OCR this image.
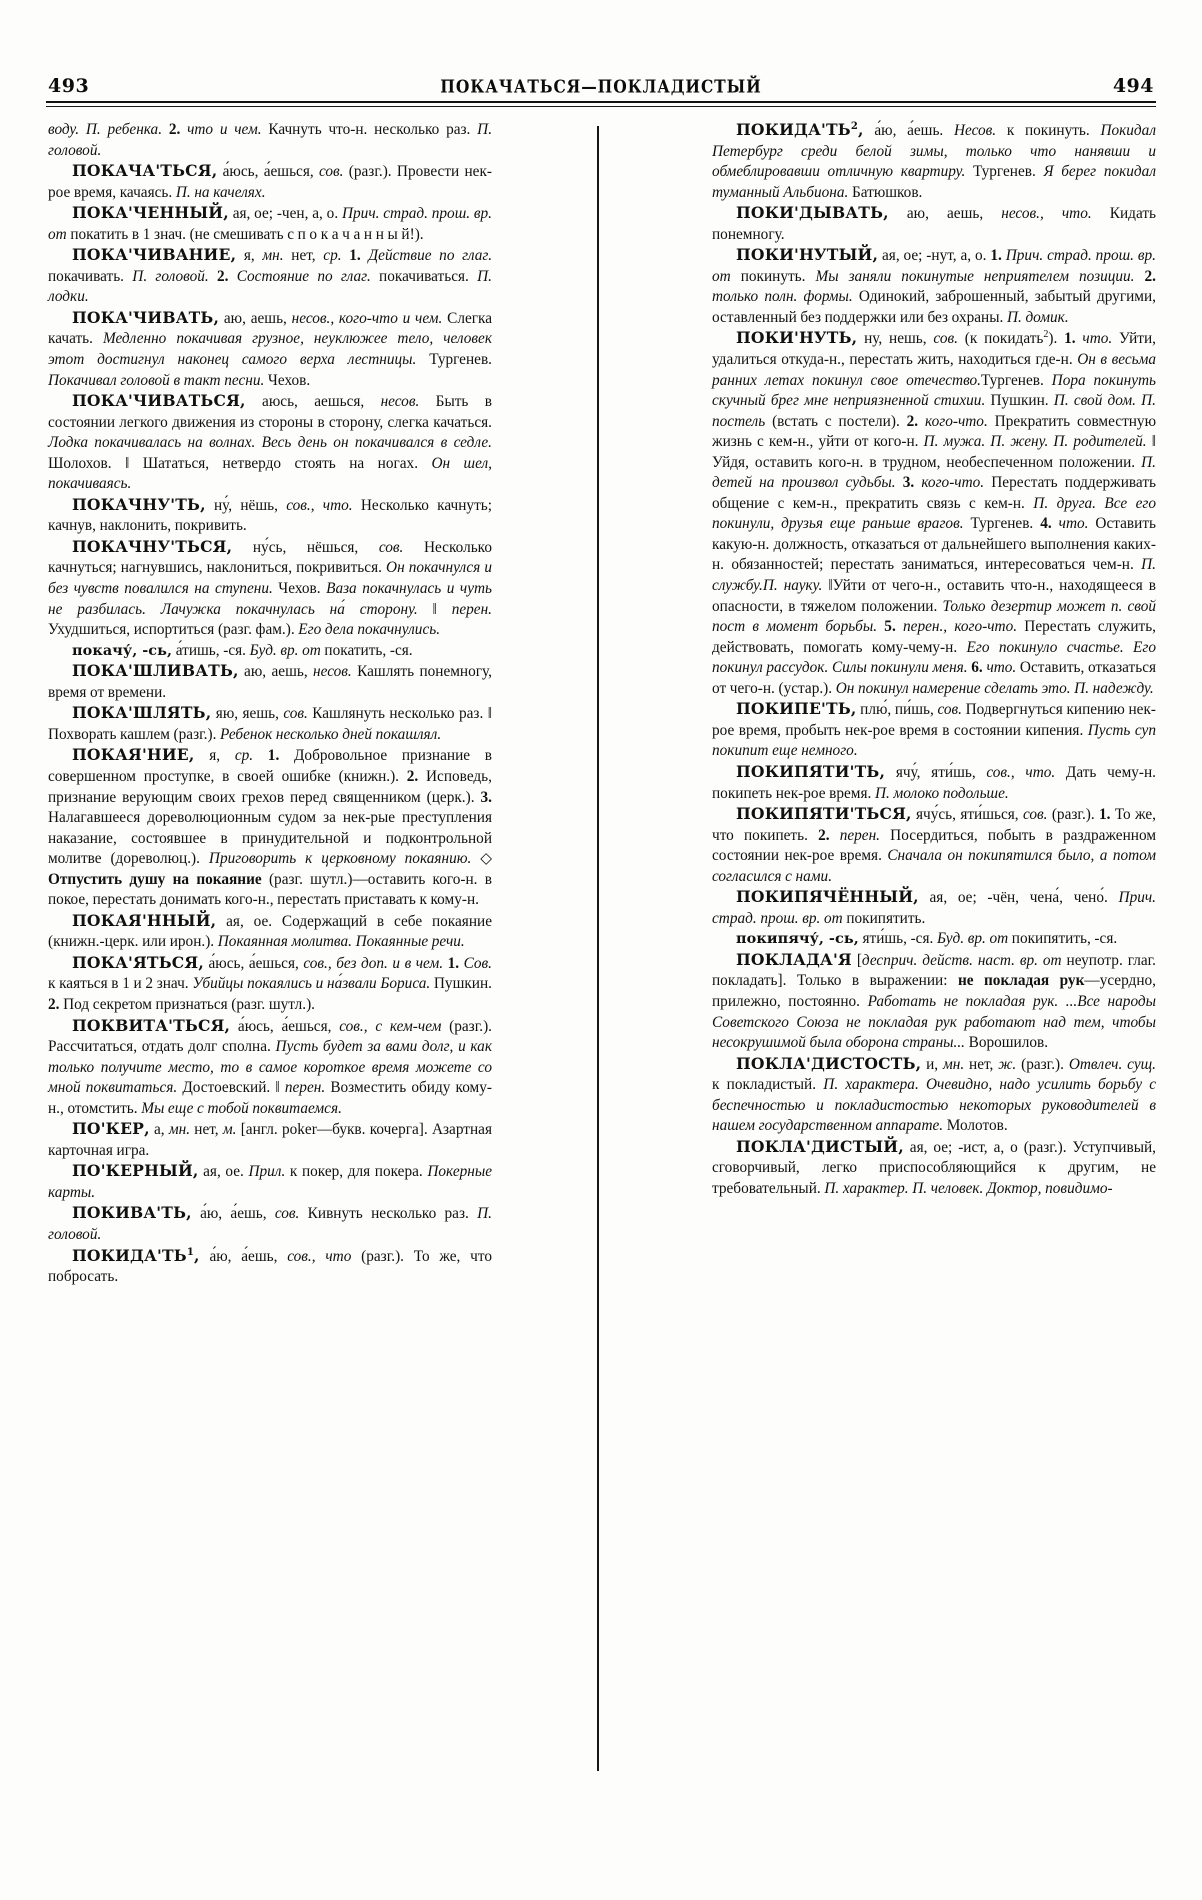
493	ПОКАЧАТЬСЯ—ПОКЛАДИСТЫЙ	494

воду. П. ребенка. 2. что и чем. Качнуть что-н. несколько раз. П. головой.

ПОКАЧА'ТЬСЯ, а́юсь, а́ешься, сов. (разг.). Провести нек-рое время, качаясь. П. на качелях.

ПОКА'ЧЕННЫЙ, ая, ое; -чен, а, о. Прич. страд. прош. вр. от покатить в 1 знач. (не смешивать с п о к а ч а н н ы й!).

ПОКА'ЧИВАНИЕ, я, мн. нет, ср. 1. Действие по глаг. покачивать. П. головой. 2. Состояние по глаг. покачиваться. П. лодки.

ПОКА'ЧИВАТЬ, аю, аешь, несов., кого-что и чем. Слегка качать. Медленно покачивая грузное, неуклюжее тело, человек этот достигнул наконец самого верха лестницы. Тургенев. Покачивал головой в такт песни. Чехов.

ПОКА'ЧИВАТЬСЯ, аюсь, аешься, несов. Быть в состоянии легкого движения из стороны в сторону, слегка качаться. Лодка покачивалась на волнах. Весь день он покачивался в седле. Шолохов. ‖ Шататься, нетвердо стоять на ногах. Он шел, покачиваясь.

ПОКАЧНУ'ТЬ, ну́, нёшь, сов., что. Несколько качнуть; качнув, наклонить, покривить.

ПОКАЧНУ'ТЬСЯ, ну́сь, нёшься, сов. Несколько качнуться; нагнувшись, наклониться, покривиться. Он покачнулся и без чувств повалился на ступени. Чехов. Ваза покачнулась и чуть не разбилась. Лачужка покачнулась на́ сторону. ‖ перен. Ухудшиться, испортиться (разг. фам.). Его дела покачнулись.

покачу́, -сь, а́тишь, -ся. Буд. вр. от покатить, -ся.

ПОКА'ШЛИВАТЬ, аю, аешь, несов. Кашлять понемногу, время от времени.

ПОКА'ШЛЯТЬ, яю, яешь, сов. Кашлянуть несколько раз. ‖ Похворать кашлем (разг.). Ребенок несколько дней покашлял.

ПОКАЯ'НИЕ, я, ср. 1. Добровольное признание в совершенном проступке, в своей ошибке (книжн.). 2. Исповедь, признание верующим своих грехов перед священником (церк.). 3. Налагавшееся дореволюционным судом за нек-рые преступления наказание, состоявшее в принудительной и подконтрольной молитве (дореволюц.). Приговорить к церковному покаянию. ◇ Отпустить душу на покаяние (разг. шутл.)—оставить кого-н. в покое, перестать донимать кого-н., перестать приставать к кому-н.

ПОКАЯ'ННЫЙ, ая, ое. Содержащий в себе покаяние (книжн.-церк. или ирон.). Покаянная молитва. Покаянные речи.

ПОКА'ЯТЬСЯ, а́юсь, а́ешься, сов., без доп. и в чем. 1. Сов. к каяться в 1 и 2 знач. Убийцы покаялись и на́звали Бориса. Пушкин. 2. Под секретом признаться (разг. шутл.).

ПОКВИТА'ТЬСЯ, а́юсь, а́ешься, сов., с кем-чем (разг.). Рассчитаться, отдать долг сполна. Пусть будет за вами долг, и как только получите место, то в самое короткое время можете со мной поквитаться. Достоевский. ‖ перен. Возместить обиду кому-н., отомстить. Мы еще с тобой поквитаемся.

ПО'КЕР, а, мн. нет, м. [англ. poker—букв. кочерга]. Азартная карточная игра.

ПО'КЕРНЫЙ, ая, ое. Прил. к покер, для покера. Покерные карты.

ПОКИВА'ТЬ, а́ю, а́ешь, сов. Кивнуть несколько раз. П. головой.

$ПОКИДА'ТЬ^1$, а́ю, а́ешь, сов., что (разг.). То же, что побросать.

$ПОКИДА'ТЬ^2$, а́ю, а́ешь. Несов. к покинуть. Покидал Петербург среди белой зимы, только что нанявши и обмеблировавши отличную квартиру. Тургенев. Я берег покидал туманный Альбиона. Батюшков.

ПОКИ'ДЫВАТЬ, аю, аешь, несов., что. Кидать понемногу.

ПОКИ'НУТЫЙ, ая, ое; -нут, а, о. 1. Прич. страд. прош. вр. от покинуть. Мы заняли покинутые неприятелем позиции. 2. только полн. формы. Одинокий, заброшенный, забытый другими, оставленный без поддержки или без охраны. П. домик.

ПОКИ'НУТЬ, ну, нешь, сов. (к покидать$^2$). 1. что. Уйти, удалиться откуда-н., перестать жить, находиться где-н. Он в весьма ранних летах покинул свое отечество.Тургенев. Пора покинуть скучный брег мне неприязненной стихии. Пушкин. П. свой дом. П. постель (встать с постели). 2. кого-что. Прекратить совместную жизнь с кем-н., уйти от кого-н. П. мужа. П. жену. П. родителей. ‖ Уйдя, оставить кого-н. в трудном, необеспеченном положении. П. детей на произвол судьбы. 3. кого-что. Перестать поддерживать общение с кем-н., прекратить связь с кем-н. П. друга. Все его покинули, друзья еще раньше врагов. Тургенев. 4. что. Оставить какую-н. должность, отказаться от дальнейшего выполнения каких-н. обязанностей; перестать заниматься, интересоваться чем-н. П. службу.П. науку. ‖Уйти от чего-н., оставить что-н., находящееся в опасности, в тяжелом положении. Только дезертир может п. свой пост в момент борьбы. 5. перен., кого-что. Перестать служить, действовать, помогать кому-чему-н. Его покинуло счастье. Его покинул рассудок. Силы покинули меня. 6. что. Оставить, отказаться от чего-н. (устар.). Он покинул намерение сделать это. П. надежду.

ПОКИПЕ'ТЬ, плю́, пи́шь, сов. Подвергнуться кипению нек-рое время, пробыть нек-рое время в состоянии кипения. Пусть суп покипит еще немного.

ПОКИПЯТИ'ТЬ, ячу́, яти́шь, сов., что. Дать чему-н. покипеть нек-рое время. П. молоко подольше.

ПОКИПЯТИ'ТЬСЯ, ячу́сь, яти́шься, сов. (разг.). 1. То же, что покипеть. 2. перен. Посердиться, побыть в раздраженном состоянии нек-рое время. Сначала он покипятился было, а потом согласился с нами.

ПОКИПЯЧЁННЫЙ, ая, ое; -чён, чена́, чено́. Прич. страд. прош. вр. от покипятить.

покипячу́, -сь, яти́шь, -ся. Буд. вр. от покипятить, -ся.

ПОКЛАДА'Я [десприч. действ. наст. вр. от неупотр. глаг. покладать]. Только в выражении: не покладая рук—усердно, прилежно, постоянно. Работать не покладая рук. ...Все народы Советского Союза не покладая рук работают над тем, чтобы несокрушимой была оборона страны... Ворошилов.

ПОКЛА'ДИСТОСТЬ, и, мн. нет, ж. (разг.). Отвлеч. сущ. к покладистый. П. характера. Очевидно, надо усилить борьбу с беспечностью и покладистостью некоторых руководителей в нашем государственном аппарате. Молотов.

ПОКЛА'ДИСТЫЙ, ая, ое; -ист, а, о (разг.). Уступчивый, сговорчивый, легко приспособляющийся к другим, не требовательный. П. характер. П. человек. Доктор, повидимо-
